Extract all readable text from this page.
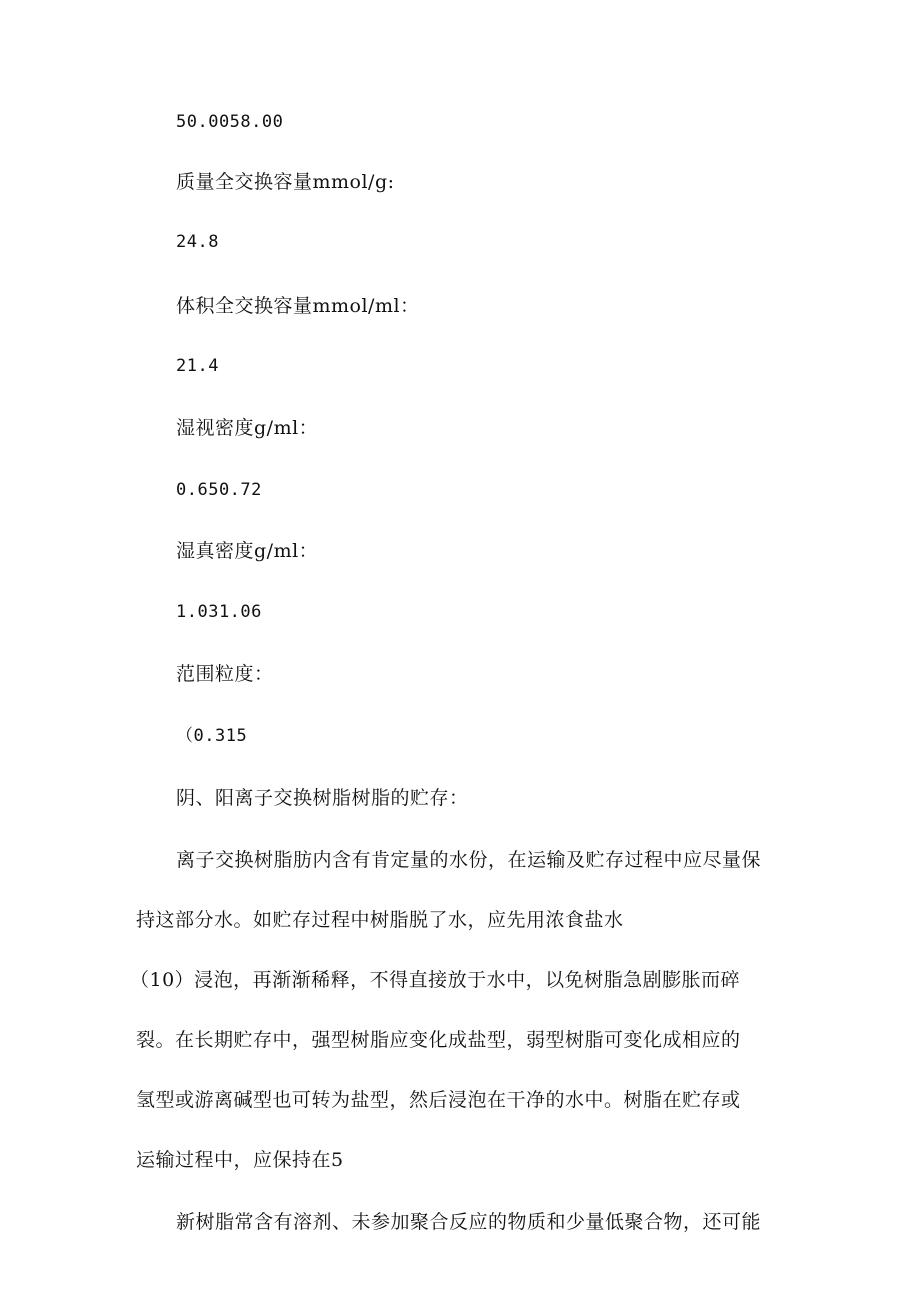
50.0058.00
质量全交换容量mmol/g:
24.8
体积全交换容量mmol/ml：
21.4
湿视密度g/ml：
0.650.72
湿真密度g/ml：
1.031.06
范围粒度：
（0.315
阴、阳离子交换树脂树脂的贮存：
离子交换树脂肪内含有肯定量的水份，在运输及贮存过程中应尽量保
持这部分水。如贮存过程中树脂脱了水，应先用浓食盐水
（10）浸泡，再渐渐稀释，不得直接放于水中，以免树脂急剧膨胀而碎
裂。在长期贮存中，强型树脂应变化成盐型，弱型树脂可变化成相应的
氢型或游离碱型也可转为盐型，然后浸泡在干净的水中。树脂在贮存或
运输过程中，应保持在5
新树脂常含有溶剂、未参加聚合反应的物质和少量低聚合物，还可能
